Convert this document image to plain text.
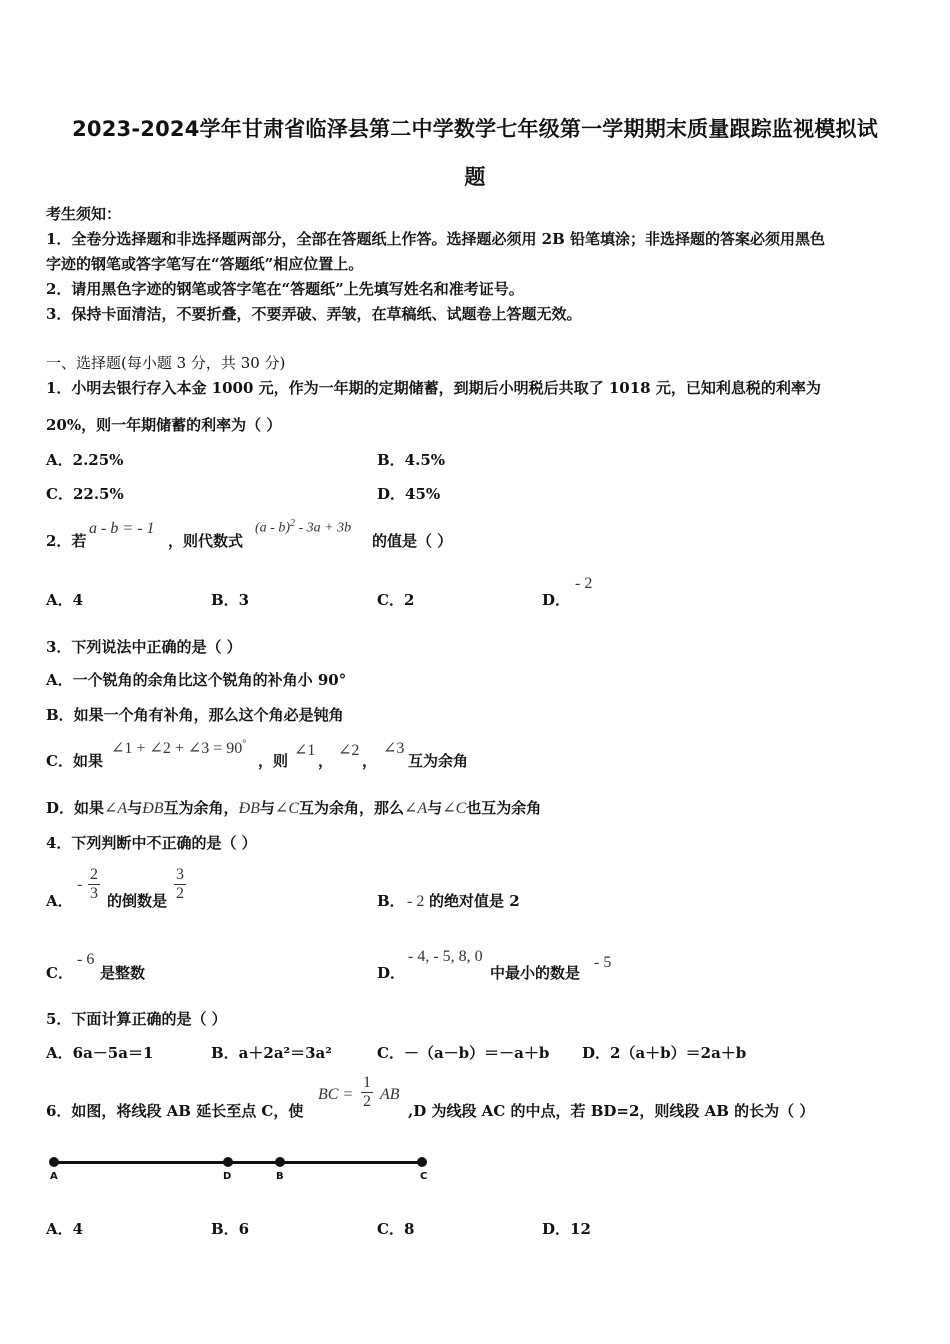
2023-2024学年甘肃省临泽县第二中学数学七年级第一学期期末质量跟踪监视模拟试
题
考生须知：
1．全卷分选择题和非选择题两部分，全部在答题纸上作答。选择题必须用 2B 铅笔填涂；非选择题的答案必须用黑色
字迹的钢笔或答字笔写在“答题纸”相应位置上。
2．请用黑色字迹的钢笔或答字笔在“答题纸”上先填写姓名和准考证号。
3．保持卡面清洁，不要折叠，不要弄破、弄皱，在草稿纸、试题卷上答题无效。
一、选择题(每小题 3 分，共 30 分)
1．小明去银行存入本金 1000 元，作为一年期的定期储蓄，到期后小明税后共取了 1018 元，已知利息税的利率为
20%，则一年期储蓄的利率为（ ）
A．2.25%	B．4.5%
C．22.5%	D．45%
2．若
a - b = - 1
，则代数式
(a - b)$^2$ - 3a + 3b
的值是（ ）
A．4	B．3	C．2	D．
- 2
3．下列说法中正确的是（ ）
A．一个锐角的余角比这个锐角的补角小 90°
B．如果一个角有补角，那么这个角必是钝角
C．如果
∠1 + ∠2 + ∠3 = 90°
，则
∠1
，
∠2
，
∠3
互为余角
D．如果∠A与ÐB互为余角，ÐB与∠C互为余角，那么∠A与∠C也互为余角
4．下列判断中不正确的是（ ）
A．
- $\frac{2}{3}$ 的倒数是 $\frac{3}{2}$	B． - 2 的绝对值是 2
C．
- 6
是整数	D．
- 4, - 5, 8, 0
中最小的数是
- 5
5．下面计算正确的是（ ）
A．6a－5a＝1	B．a＋2a²＝3a²	C．－（a－b）＝－a＋b D．2（a＋b）＝2a＋b
6．如图，将线段 AB 延长至点 C，使
BC = $\frac{1}{2}$ AB
,D 为线段 AC 的中点，若 BD=2，则线段 AB 的长为（ ）
A	D	B	C
A．4	B．6	C．8	D．12
